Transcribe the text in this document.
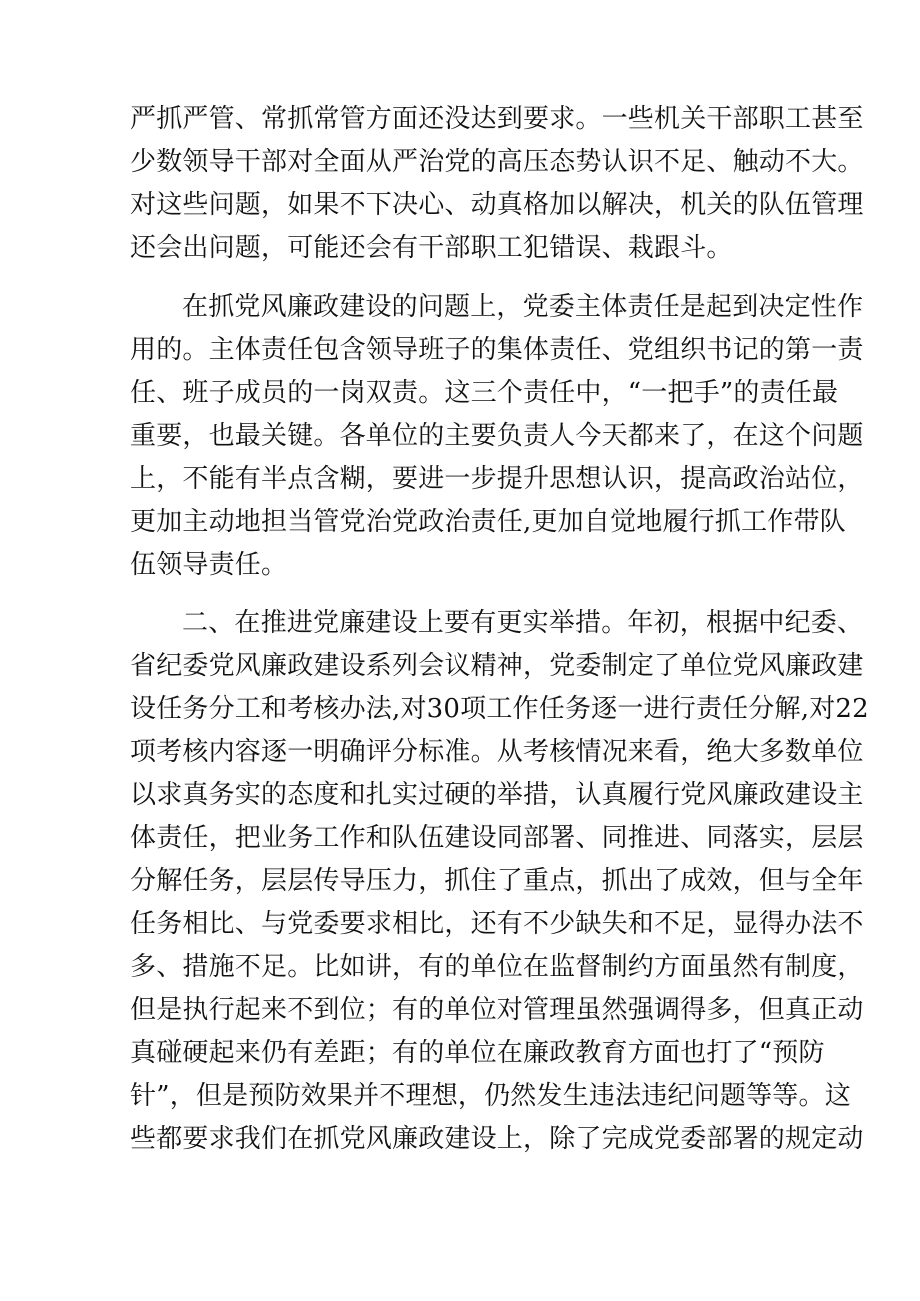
严抓严管、常抓常管方面还没达到要求。一些机关干部职工甚至
少数领导干部对全面从严治党的高压态势认识不足、触动不大。
对这些问题，如果不下决心、动真格加以解决，机关的队伍管理
还会出问题，可能还会有干部职工犯错误、栽跟斗。
在抓党风廉政建设的问题上，党委主体责任是起到决定性作
用的。主体责任包含领导班子的集体责任、党组织书记的第一责
任、班子成员的一岗双责。这三个责任中，“一把手”的责任最
重要，也最关键。各单位的主要负责人今天都来了，在这个问题
上，不能有半点含糊，要进一步提升思想认识，提高政治站位，
更加主动地担当管党治党政治责任,更加自觉地履行抓工作带队
伍领导责任。
二、在推进党廉建设上要有更实举措。年初，根据中纪委、
省纪委党风廉政建设系列会议精神，党委制定了单位党风廉政建
设任务分工和考核办法,对30项工作任务逐一进行责任分解,对22
项考核内容逐一明确评分标准。从考核情况来看，绝大多数单位
以求真务实的态度和扎实过硬的举措，认真履行党风廉政建设主
体责任，把业务工作和队伍建设同部署、同推进、同落实，层层
分解任务，层层传导压力，抓住了重点，抓出了成效，但与全年
任务相比、与党委要求相比，还有不少缺失和不足，显得办法不
多、措施不足。比如讲，有的单位在监督制约方面虽然有制度，
但是执行起来不到位；有的单位对管理虽然强调得多，但真正动
真碰硬起来仍有差距；有的单位在廉政教育方面也打了“预防
针”，但是预防效果并不理想，仍然发生违法违纪问题等等。这
些都要求我们在抓党风廉政建设上，除了完成党委部署的规定动
